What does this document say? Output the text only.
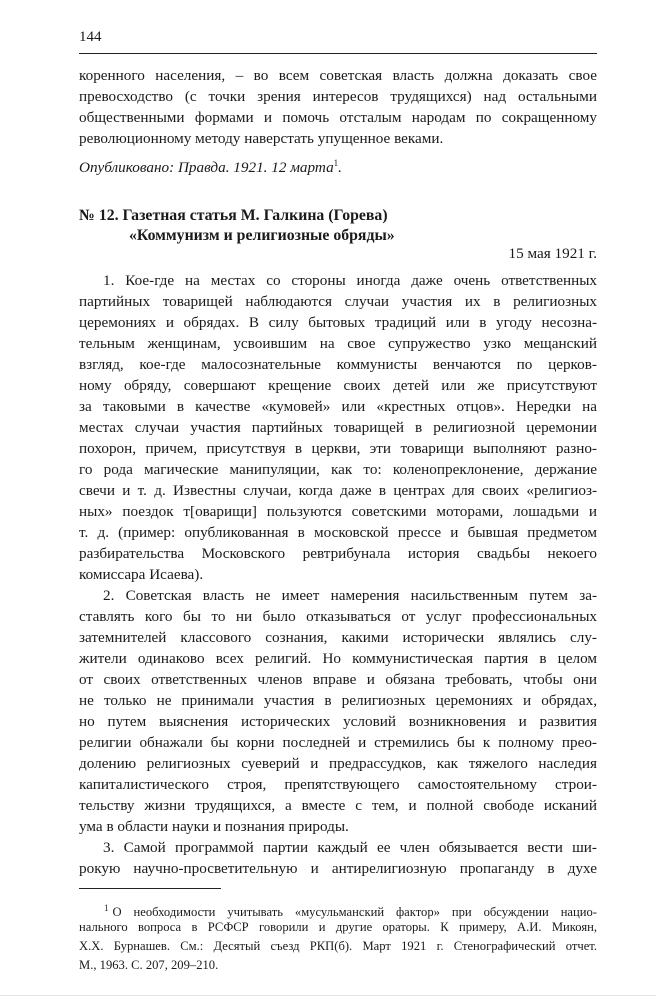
144
коренного населения, – во всем советская власть должна доказать свое
превосходство (с точки зрения интересов трудящихся) над остальными
общественными формами и помочь отсталым народам по сокращенному
революционному методу наверстать упущенное веками.
Опубликовано: Правда. 1921. 12 марта$^1$.
№ 12. Газетная статья М. Галкина (Горева)
«Коммунизм и религиозные обряды»
15 мая 1921 г.
1. Кое-где на местах со стороны иногда даже очень ответственных
партийных товарищей наблюдаются случаи участия их в религиозных
церемониях и обрядах. В силу бытовых традиций или в угоду несозна-
тельным женщинам, усвоившим на свое супружество узко мещанский
взгляд, кое-где малосознательные коммунисты венчаются по церков-
ному обряду, совершают крещение своих детей или же присутствуют
за таковыми в качестве «кумовей» или «крестных отцов». Нередки на
местах случаи участия партийных товарищей в религиозной церемонии
похорон, причем, присутствуя в церкви, эти товарищи выполняют разно-
го рода магические манипуляции, как то: коленопреклонение, держание
свечи и т. д. Известны случаи, когда даже в центрах для своих «религиоз-
ных» поездок т[оварищи] пользуются советскими моторами, лошадьми и
т. д. (пример: опубликованная в московской прессе и бывшая предметом
разбирательства Московского ревтрибунала история свадьбы некоего
комиссара Исаева).
2. Советская власть не имеет намерения насильственным путем за-
ставлять кого бы то ни было отказываться от услуг профессиональных
затемнителей классового сознания, какими исторически являлись слу-
жители одинаково всех религий. Но коммунистическая партия в целом
от своих ответственных членов вправе и обязана требовать, чтобы они
не только не принимали участия в религиозных церемониях и обрядах,
но путем выяснения исторических условий возникновения и развития
религии обнажали бы корни последней и стремились бы к полному прео-
долению религиозных суеверий и предрассудков, как тяжелого наследия
капиталистического строя, препятствующего самостоятельному строи-
тельству жизни трудящихся, а вместе с тем, и полной свободе исканий
ума в области науки и познания природы.
3. Самой программой партии каждый ее член обязывается вести ши-
рокую научно-просветительную и антирелигиозную пропаганду в духе
$^1$ О необходимости учитывать «мусульманский фактор» при обсуждении нацио-
нального вопроса в РСФСР говорили и другие ораторы. К примеру, А.И. Микоян,
Х.Х. Бурнашев. См.: Десятый съезд РКП(б). Март 1921 г. Стенографический отчет.
М., 1963. С. 207, 209–210.
